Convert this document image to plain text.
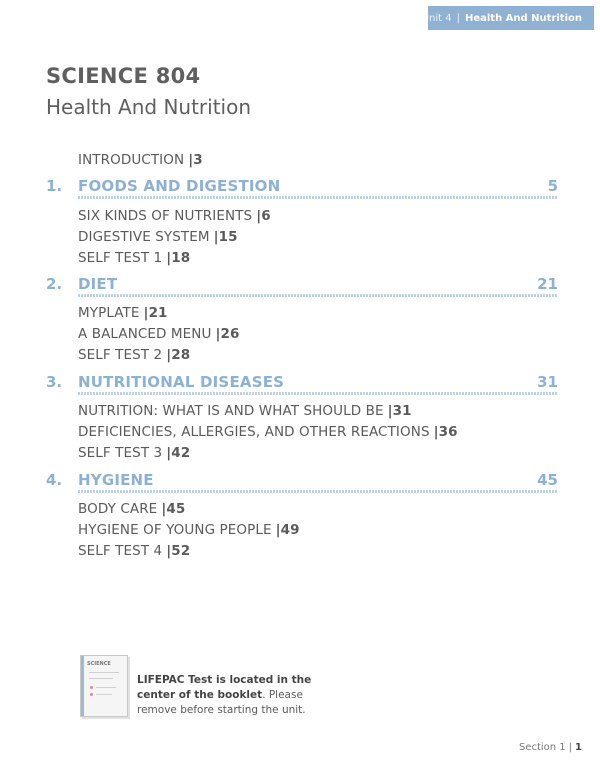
Unit 4 | Health And Nutrition
SCIENCE 804
Health And Nutrition
INTRODUCTION |3
1. FOODS AND DIGESTION	5
SIX KINDS OF NUTRIENTS |6
DIGESTIVE SYSTEM |15
SELF TEST 1 |18
2. DIET	21
MYPLATE |21
A BALANCED MENU |26
SELF TEST 2 |28
3. NUTRITIONAL DISEASES	31
NUTRITION: WHAT IS AND WHAT SHOULD BE |31
DEFICIENCIES, ALLERGIES, AND OTHER REACTIONS |36
SELF TEST 3 |42
4. HYGIENE	45
BODY CARE |45
HYGIENE OF YOUNG PEOPLE |49
SELF TEST 4 |52
SCIENCE
LIFEPAC Test is located in the center of the booklet. Please remove before starting the unit.
Section 1 | 1
